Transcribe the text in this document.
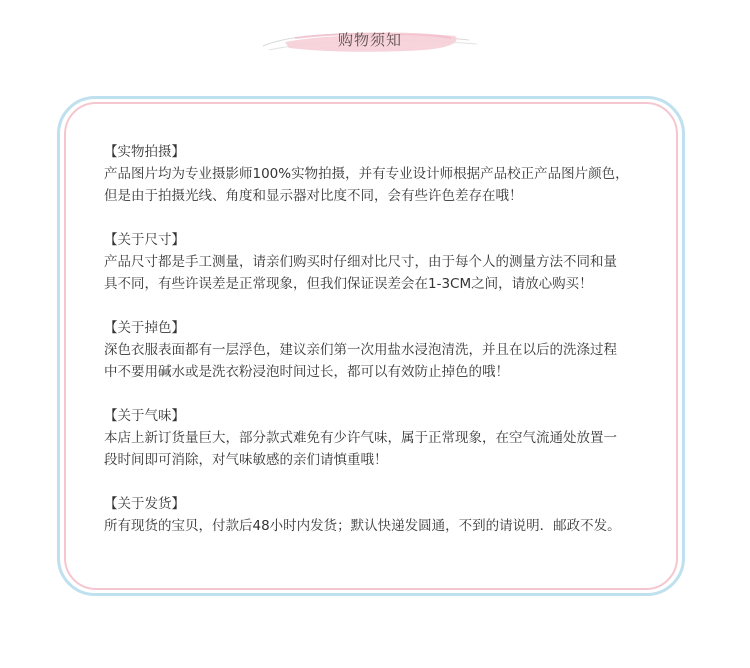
购物须知
【实物拍摄】
产品图片均为专业摄影师100%实物拍摄，并有专业设计师根据产品校正产品图片颜色，
但是由于拍摄光线、角度和显示器对比度不同，会有些许色差存在哦！
【关于尺寸】
产品尺寸都是手工测量，请亲们购买时仔细对比尺寸，由于每个人的测量方法不同和量
具不同，有些许误差是正常现象，但我们保证误差会在1-3CM之间，请放心购买！
【关于掉色】
深色衣服表面都有一层浮色，建议亲们第一次用盐水浸泡清洗，并且在以后的洗涤过程
中不要用碱水或是洗衣粉浸泡时间过长，都可以有效防止掉色的哦！
【关于气味】
本店上新订货量巨大，部分款式难免有少许气味，属于正常现象，在空气流通处放置一
段时间即可消除，对气味敏感的亲们请慎重哦！
【关于发货】
所有现货的宝贝，付款后48小时内发货；默认快递发圆通，不到的请说明．邮政不发。
